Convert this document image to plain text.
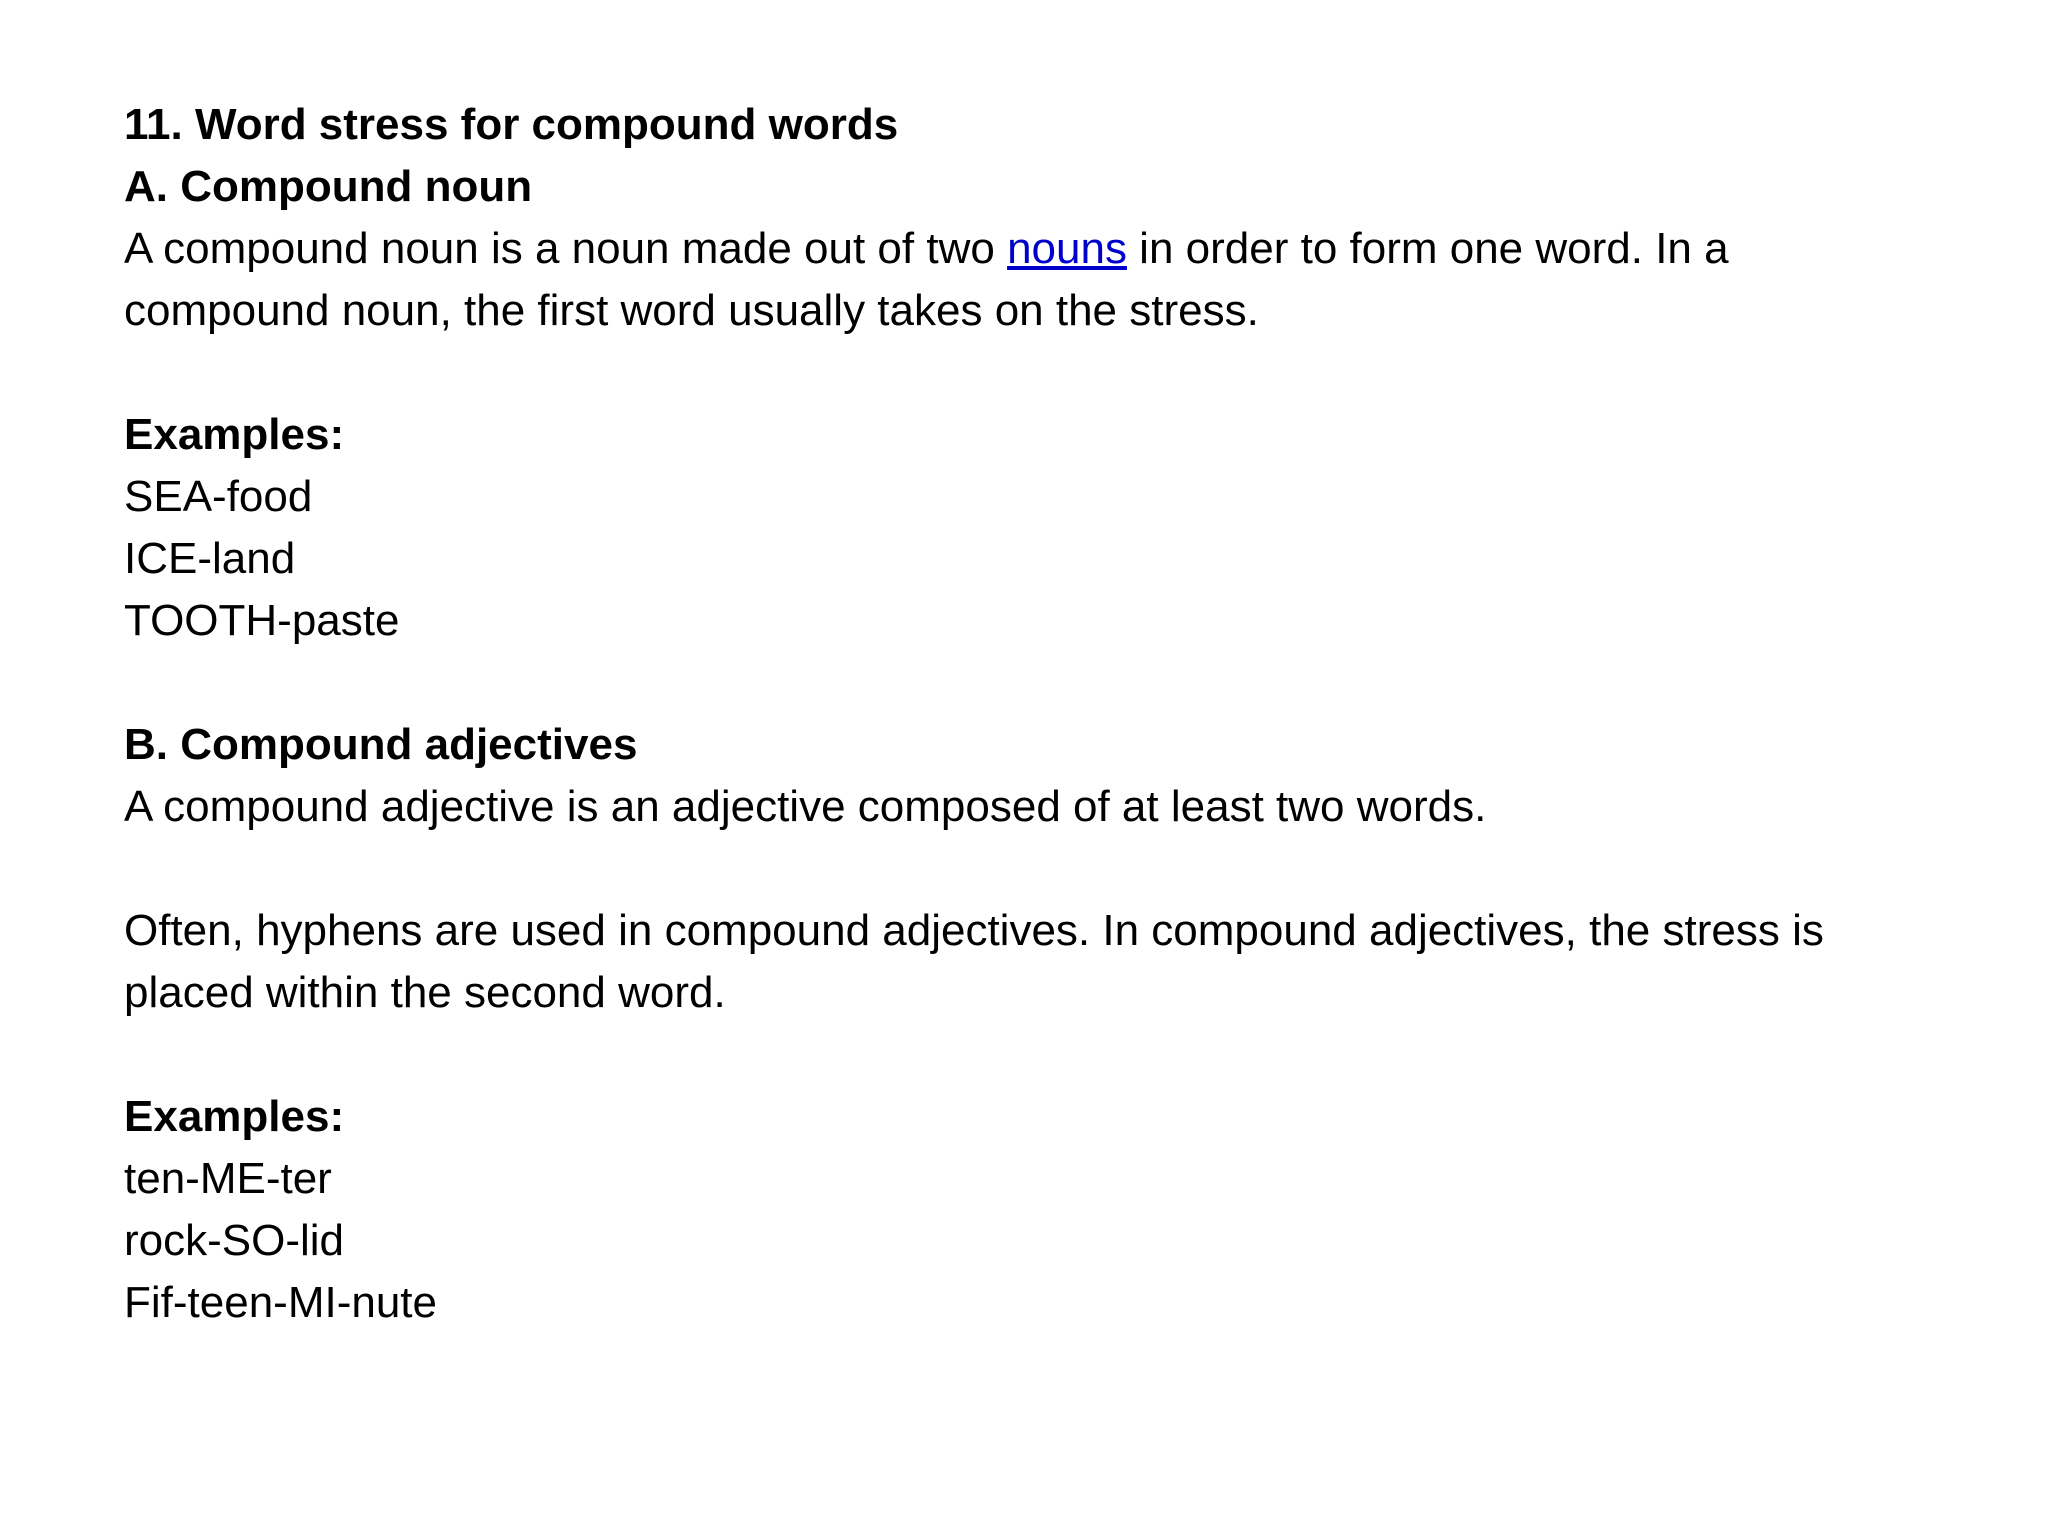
11. Word stress for compound words
A. Compound noun
A compound noun is a noun made out of two nouns in order to form one word. In a
compound noun, the first word usually takes on the stress.
Examples:
SEA-food
ICE-land
TOOTH-paste
B. Compound adjectives
A compound adjective is an adjective composed of at least two words.
Often, hyphens are used in compound adjectives. In compound adjectives, the stress is
placed within the second word.
Examples:
ten-ME-ter
rock-SO-lid
Fif-teen-MI-nute
